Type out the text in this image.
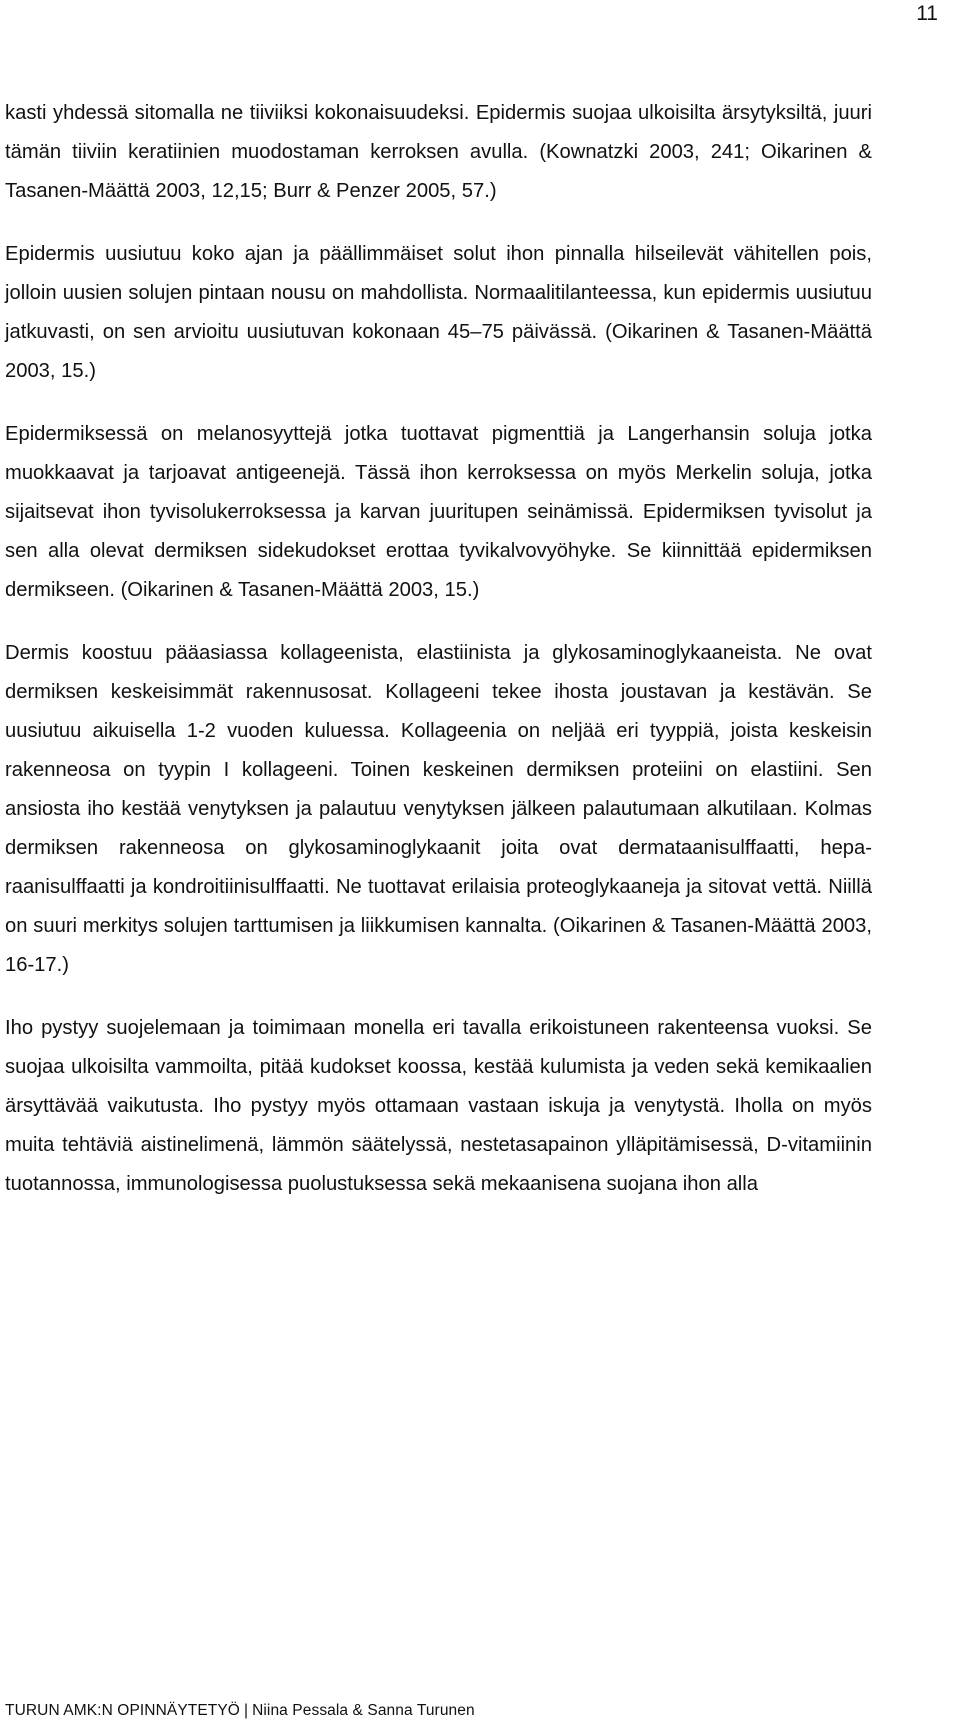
11

kasti yhdessä sitomalla ne tiiviiksi kokonaisuudeksi. Epidermis suojaa ulkoisilta ärsytyksiltä, juuri tämän tiiviin keratiinien muodostaman kerroksen avulla. (Kownatzki 2003, 241; Oikarinen & Tasanen-Määttä 2003, 12,15; Burr & Penzer 2005, 57.)

Epidermis uusiutuu koko ajan ja päällimmäiset solut ihon pinnalla hilseilevät vähitellen pois, jolloin uusien solujen pintaan nousu on mahdollista. Normaalitilanteessa, kun epidermis uusiutuu jatkuvasti, on sen arvioitu uusiutuvan kokonaan 45–75 päivässä. (Oikarinen & Tasanen-Määttä 2003, 15.)

Epidermiksessä on melanosyyttejä jotka tuottavat pigmenttiä ja Langerhansin soluja jotka muokkaavat ja tarjoavat antigeenejä. Tässä ihon kerroksessa on myös Merkelin soluja, jotka sijaitsevat ihon tyvisolukerroksessa ja karvan juuritupen seinämissä. Epidermiksen tyvisolut ja sen alla olevat dermiksen sidekudokset erottaa tyvikalvovyöhyke. Se kiinnittää epidermiksen dermikseen. (Oikarinen & Tasanen-Määttä 2003, 15.)

Dermis koostuu pääasiassa kollageenista, elastiinista ja glykosaminoglykaaneista. Ne ovat dermiksen keskeisimmät rakennusosat. Kollageeni tekee ihosta joustavan ja kestävän. Se uusiutuu aikuisella 1-2 vuoden kuluessa. Kollageenia on neljää eri tyyppiä, joista keskeisin rakenneosa on tyypin I kollageeni. Toinen keskeinen dermiksen proteiini on elastiini. Sen ansiosta iho kestää venytyksen ja palautuu venytyksen jälkeen palautumaan alkutilaan. Kolmas dermiksen rakenneosa on glykosaminoglykaanit joita ovat dermataanisulffaatti, heparaanisulffaatti ja kondroitiinisulffaatti. Ne tuottavat erilaisia proteoglykaaneja ja sitovat vettä. Niillä on suuri merkitys solujen tarttumisen ja liikkumisen kannalta. (Oikarinen & Tasanen-Määttä 2003, 16-17.)

Iho pystyy suojelemaan ja toimimaan monella eri tavalla erikoistuneen rakenteensa vuoksi. Se suojaa ulkoisilta vammoilta, pitää kudokset koossa, kestää kulumista ja veden sekä kemikaalien ärsyttävää vaikutusta. Iho pystyy myös ottamaan vastaan iskuja ja venytystä. Iholla on myös muita tehtäviä aistinelimenä, lämmön säätelyssä, nestetasapainon ylläpitämisessä, D-vitamiinin tuotannossa, immunologisessa puolustuksessa sekä mekaanisena suojana ihon alla

TURUN AMK:N OPINNÄYTETYÖ | Niina Pessala & Sanna Turunen
